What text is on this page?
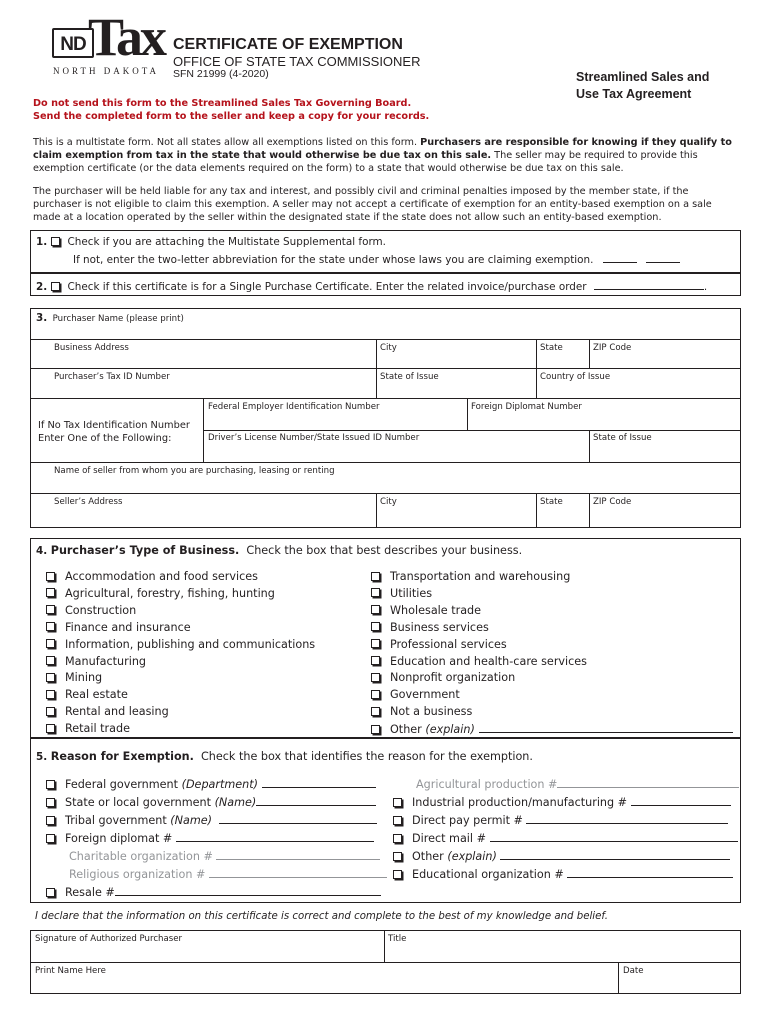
ND Tax
NORTH DAKOTA
CERTIFICATE OF EXEMPTION
OFFICE OF STATE TAX COMMISSIONER
SFN 21999 (4-2020)	Streamlined Sales and
Use Tax Agreement
Do not send this form to the Streamlined Sales Tax Governing Board.
Send the completed form to the seller and keep a copy for your records.
This is a multistate form. Not all states allow all exemptions listed on this form. Purchasers are responsible for knowing if they qualify to claim exemption from tax in the state that would otherwise be due tax on this sale. The seller may be required to provide this exemption certificate (or the data elements required on the form) to a state that would otherwise be due tax on this sale.
The purchaser will be held liable for any tax and interest, and possibly civil and criminal penalties imposed by the member state, if the purchaser is not eligible to claim this exemption. A seller may not accept a certificate of exemption for an entity-based exemption on a sale made at a location operated by the seller within the designated state if the state does not allow such an entity-based exemption.
1. Check if you are attaching the Multistate Supplemental form.
If not, enter the two-letter abbreviation for the state under whose laws you are claiming exemption.
2. Check if this certificate is for a Single Purchase Certificate. Enter the related invoice/purchase order	.
3. Purchaser Name (please print)
Business Address	City	State	ZIP Code
Purchaser’s Tax ID Number	State of Issue	Country of Issue
If No Tax Identification Number
Enter One of the Following:
Federal Employer Identification Number	Foreign Diplomat Number
Driver’s License Number/State Issued ID Number	State of Issue
Name of seller from whom you are purchasing, leasing or renting
Seller’s Address	City	State	ZIP Code
4. Purchaser’s Type of Business. Check the box that best describes your business.
Accommodation and food services
Agricultural, forestry, fishing, hunting
Construction
Finance and insurance
Information, publishing and communications
Manufacturing
Mining
Real estate
Rental and leasing
Retail trade
Transportation and warehousing
Utilities
Wholesale trade
Business services
Professional services
Education and health-care services
Nonprofit organization
Government
Not a business
Other (explain)
5. Reason for Exemption. Check the box that identifies the reason for the exemption.
Federal government (Department)
State or local government (Name)
Tribal government (Name)
Foreign diplomat #
Charitable organization #
Religious organization #
Resale #
Agricultural production #
Industrial production/manufacturing #
Direct pay permit #
Direct mail #
Other (explain)
Educational organization #
I declare that the information on this certificate is correct and complete to the best of my knowledge and belief.
Signature of Authorized Purchaser	Title
Print Name Here	Date
